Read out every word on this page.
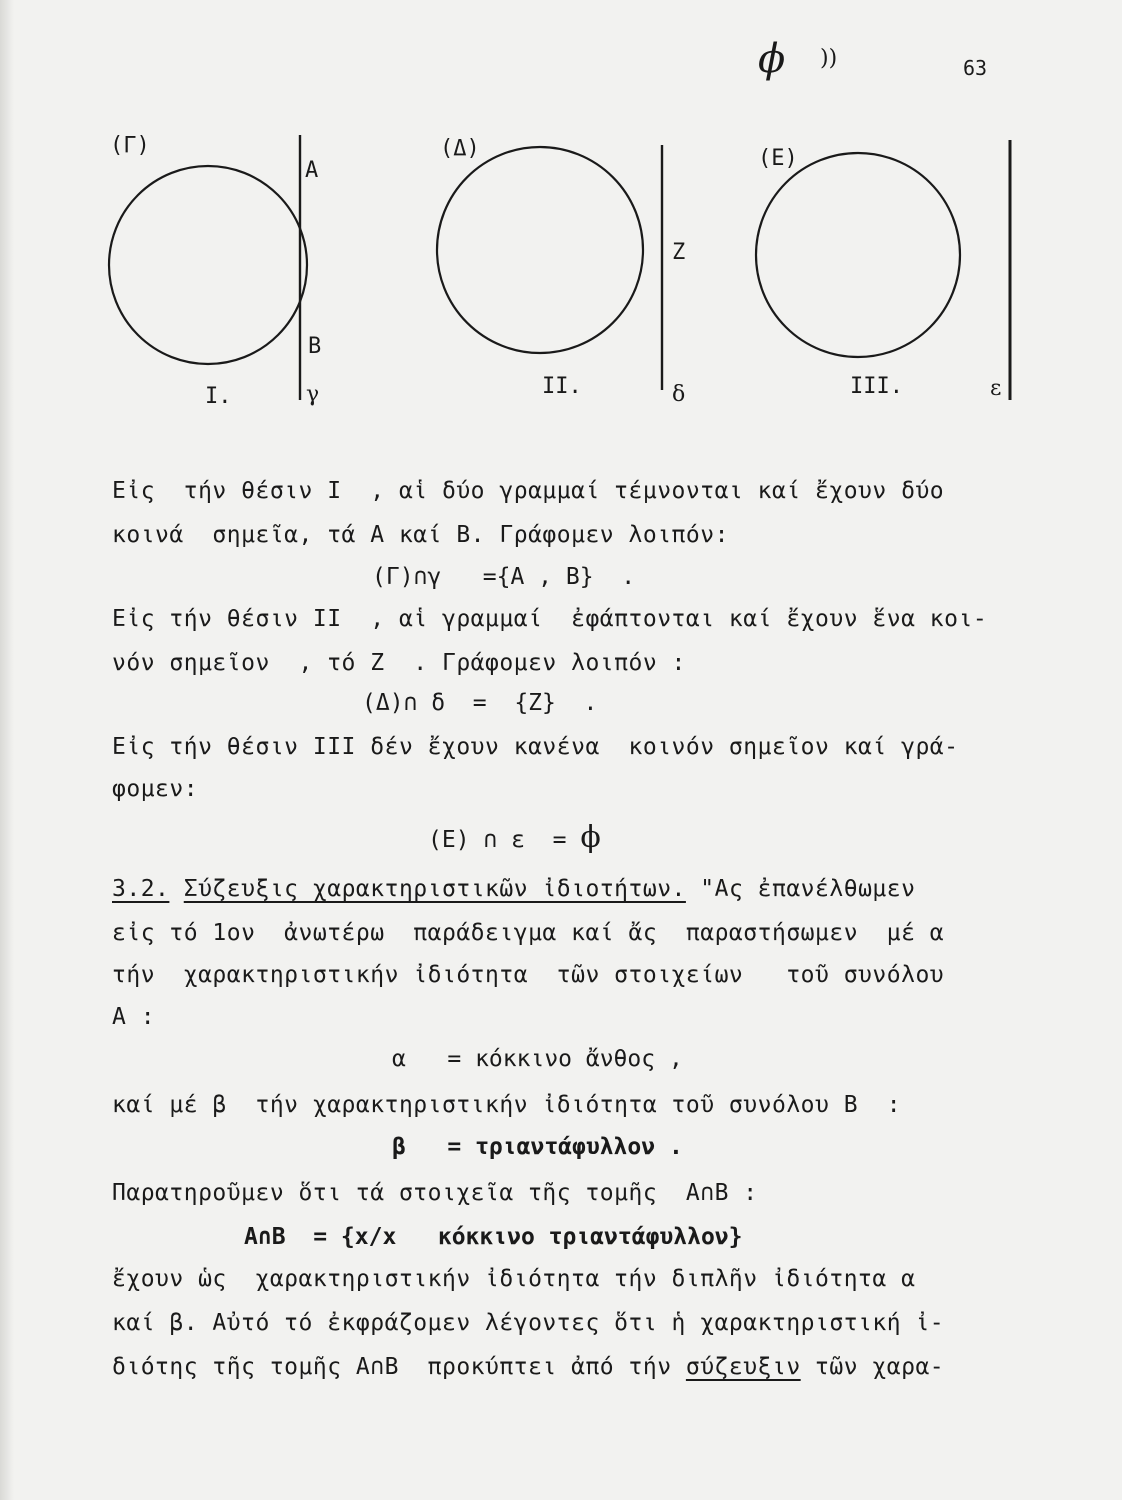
ϕ ))	63
(Γ)
A
B
I.	γ
(Δ)
Z
II.	δ
(E)
III.	ε
Εἰς  τήν θέσιν I  , αἱ δύο γραμμαί τέμνονται καί ἔχουν δύο
κοινά  σημεῖα, τά A καί B. Γράφομεν λοιπόν:
(Γ)∩γ   ={A , B}  .
Εἰς τήν θέσιν II  , αἱ γραμμαί  ἐφάπτονται καί ἔχουν ἕνα κοι-
νόν σημεῖον  , τό Z  . Γράφομεν λοιπόν :
(Δ)∩ δ  =  {Z}  .
Εἰς τήν θέσιν III δέν ἔχουν κανένα  κοινόν σημεῖον καί γρά-
φομεν:
(E) ∩ ε  = ϕ
3.2. Σύζευξις χαρακτηριστικῶν ἰδιοτήτων. "Ας ἐπανέλθωμεν
εἰς τό 1ον  ἀνωτέρω  παράδειγμα καί ἄς  παραστήσωμεν  μέ α
τήν  χαρακτηριστικήν ἰδιότητα  τῶν στοιχείων   τοῦ συνόλου
A :
α   = κόκκινο ἄνθος ,
καί μέ β  τήν χαρακτηριστικήν ἰδιότητα τοῦ συνόλου B  :
β   = τριαντάφυλλον .
Παρατηροῦμεν ὅτι τά στοιχεῖα τῆς τομῆς  A∩B :
A∩B  = {x/x   κόκκινο τριαντάφυλλον}
ἔχουν ὡς  χαρακτηριστικήν ἰδιότητα τήν διπλῆν ἰδιότητα α
καί β. Αὐτό τό ἐκφράζομεν λέγοντες ὅτι ἡ χαρακτηριστική ἰ-
διότης τῆς τομῆς A∩B  προκύπτει ἀπό τήν σύζευξιν τῶν χαρα-
